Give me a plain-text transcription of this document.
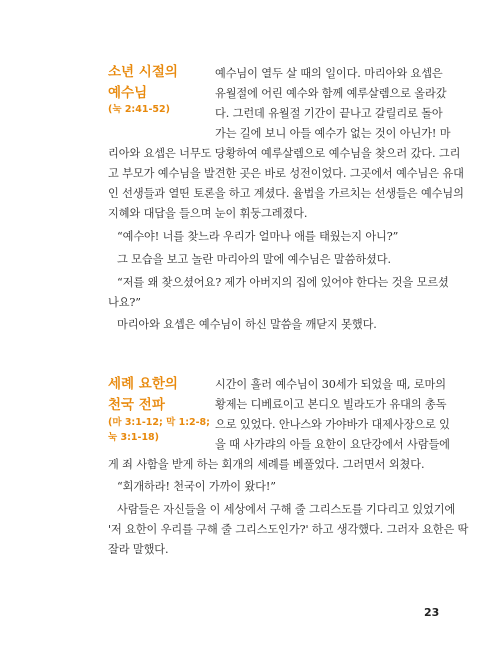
소년 시절의

예수님

(눅 2:41-52)

예수님이 열두 살 때의 일이다. 마리아와 요셉은

유월절에 어린 예수와 함께 예루살렘으로 올라갔

다. 그런데 유월절 기간이 끝나고 갈릴리로 돌아

가는 길에 보니 아들 예수가 없는 것이 아닌가! 마

리아와 요셉은 너무도 당황하여 예루살렘으로 예수님을 찾으러 갔다. 그리

고 부모가 예수님을 발견한 곳은 바로 성전이었다. 그곳에서 예수님은 유대

인 선생들과 열띤 토론을 하고 계셨다. 율법을 가르치는 선생들은 예수님의

지혜와 대답을 들으며 눈이 휘둥그레졌다.

“예수야! 너를 찾느라 우리가 얼마나 애를 태웠는지 아니?”

그 모습을 보고 놀란 마리아의 말에 예수님은 말씀하셨다.

“저를 왜 찾으셨어요? 제가 아버지의 집에 있어야 한다는 것을 모르셨

나요?”

마리아와 요셉은 예수님이 하신 말씀을 깨닫지 못했다.

세례 요한의

천국 전파

(마 3:1-12; 막 1:2-8;

눅 3:1-18)

시간이 흘러 예수님이 30세가 되었을 때, 로마의

황제는 디베료이고 본디오 빌라도가 유대의 총독

으로 있었다. 안나스와 가야바가 대제사장으로 있

을 때 사가랴의 아들 요한이 요단강에서 사람들에

게 죄 사함을 받게 하는 회개의 세례를 베풀었다. 그러면서 외쳤다.

“회개하라! 천국이 가까이 왔다!”

사람들은 자신들을 이 세상에서 구해 줄 그리스도를 기다리고 있었기에

'저 요한이 우리를 구해 줄 그리스도인가?' 하고 생각했다. 그러자 요한은 딱

잘라 말했다.

23
